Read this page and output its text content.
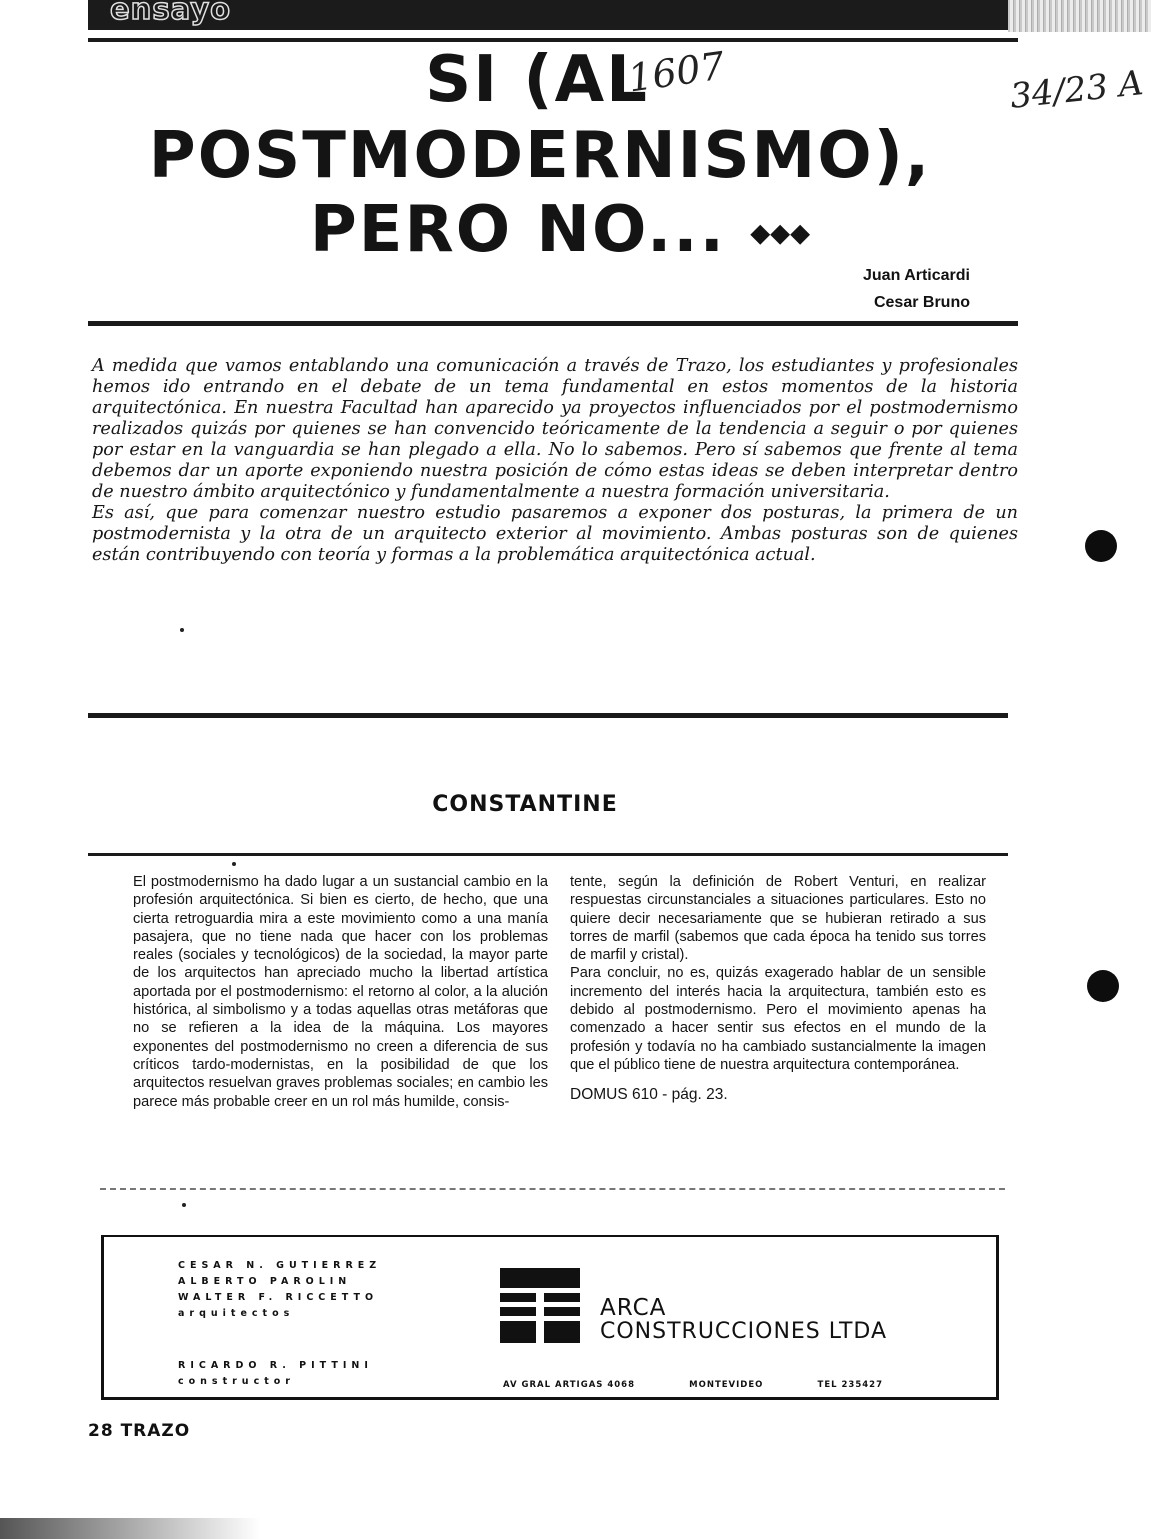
ensayo
SI (AL
POSTMODERNISMO),
PERO NO... ◆◆◆
1607	34/23 A
Juan Articardi
Cesar Bruno

A medida que vamos entablando una comunicación a través de Trazo, los estudiantes y profesionales hemos ido entrando en el debate de un tema fundamental en estos momentos de la historia arquitectónica. En nuestra Facultad han aparecido ya proyectos influenciados por el postmodernismo realizados quizás por quienes se han convencido teóricamente de la tendencia a seguir o por quienes por estar en la vanguardia se han plegado a ella. No lo sabemos. Pero sí sabemos que frente al tema debemos dar un aporte exponiendo nuestra posición de cómo estas ideas se deben interpretar dentro de nuestro ámbito arquitectónico y fundamentalmente a nuestra formación universitaria.

Es así, que para comenzar nuestro estudio pasaremos a exponer dos posturas, la primera de un postmodernista y la otra de un arquitecto exterior al movimiento. Ambas posturas son de quienes están contribuyendo con teoría y formas a la problemática arquitectónica actual.

CONSTANTINE

El postmodernismo ha dado lugar a un sustancial cambio en la profesión arquitectónica. Si bien es cierto, de hecho, que una cierta retroguardia mira a este movimiento como a una manía pasajera, que no tiene nada que hacer con los problemas reales (sociales y tecnológicos) de la sociedad, la mayor parte de los arquitectos han apreciado mucho la libertad artística aportada por el postmodernismo: el retorno al color, a la alución histórica, al simbolismo y a todas aquellas otras metáforas que no se refieren a la idea de la máquina. Los mayores exponentes del postmodernismo no creen a diferencia de sus críticos tardo-modernistas, en la posibilidad de que los arquitectos resuelvan graves problemas sociales; en cambio les parece más probable creer en un rol más humilde, consis-

tente, según la definición de Robert Venturi, en realizar respuestas circunstanciales a situaciones particulares. Esto no quiere decir necesariamente que se hubieran retirado a sus torres de marfil (sabemos que cada época ha tenido sus torres de marfil y cristal).

Para concluir, no es, quizás exagerado hablar de un sensible incremento del interés hacia la arquitectura, también esto es debido al postmodernismo. Pero el movimiento apenas ha comenzado a hacer sentir sus efectos en el mundo de la profesión y todavía no ha cambiado sustancialmente la imagen que el público tiene de nuestra arquitectura contemporánea.

DOMUS 610 - pág. 23.

CESAR N. GUTIERREZ
ALBERTO PAROLIN
WALTER F. RICCETTO
arquitectos
RICARDO R. PITTINI
constructor
ARCA
CONSTRUCCIONES LTDA
AV GRAL ARTIGAS 4068	MONTEVIDEO	TEL 235427
28 TRAZO
